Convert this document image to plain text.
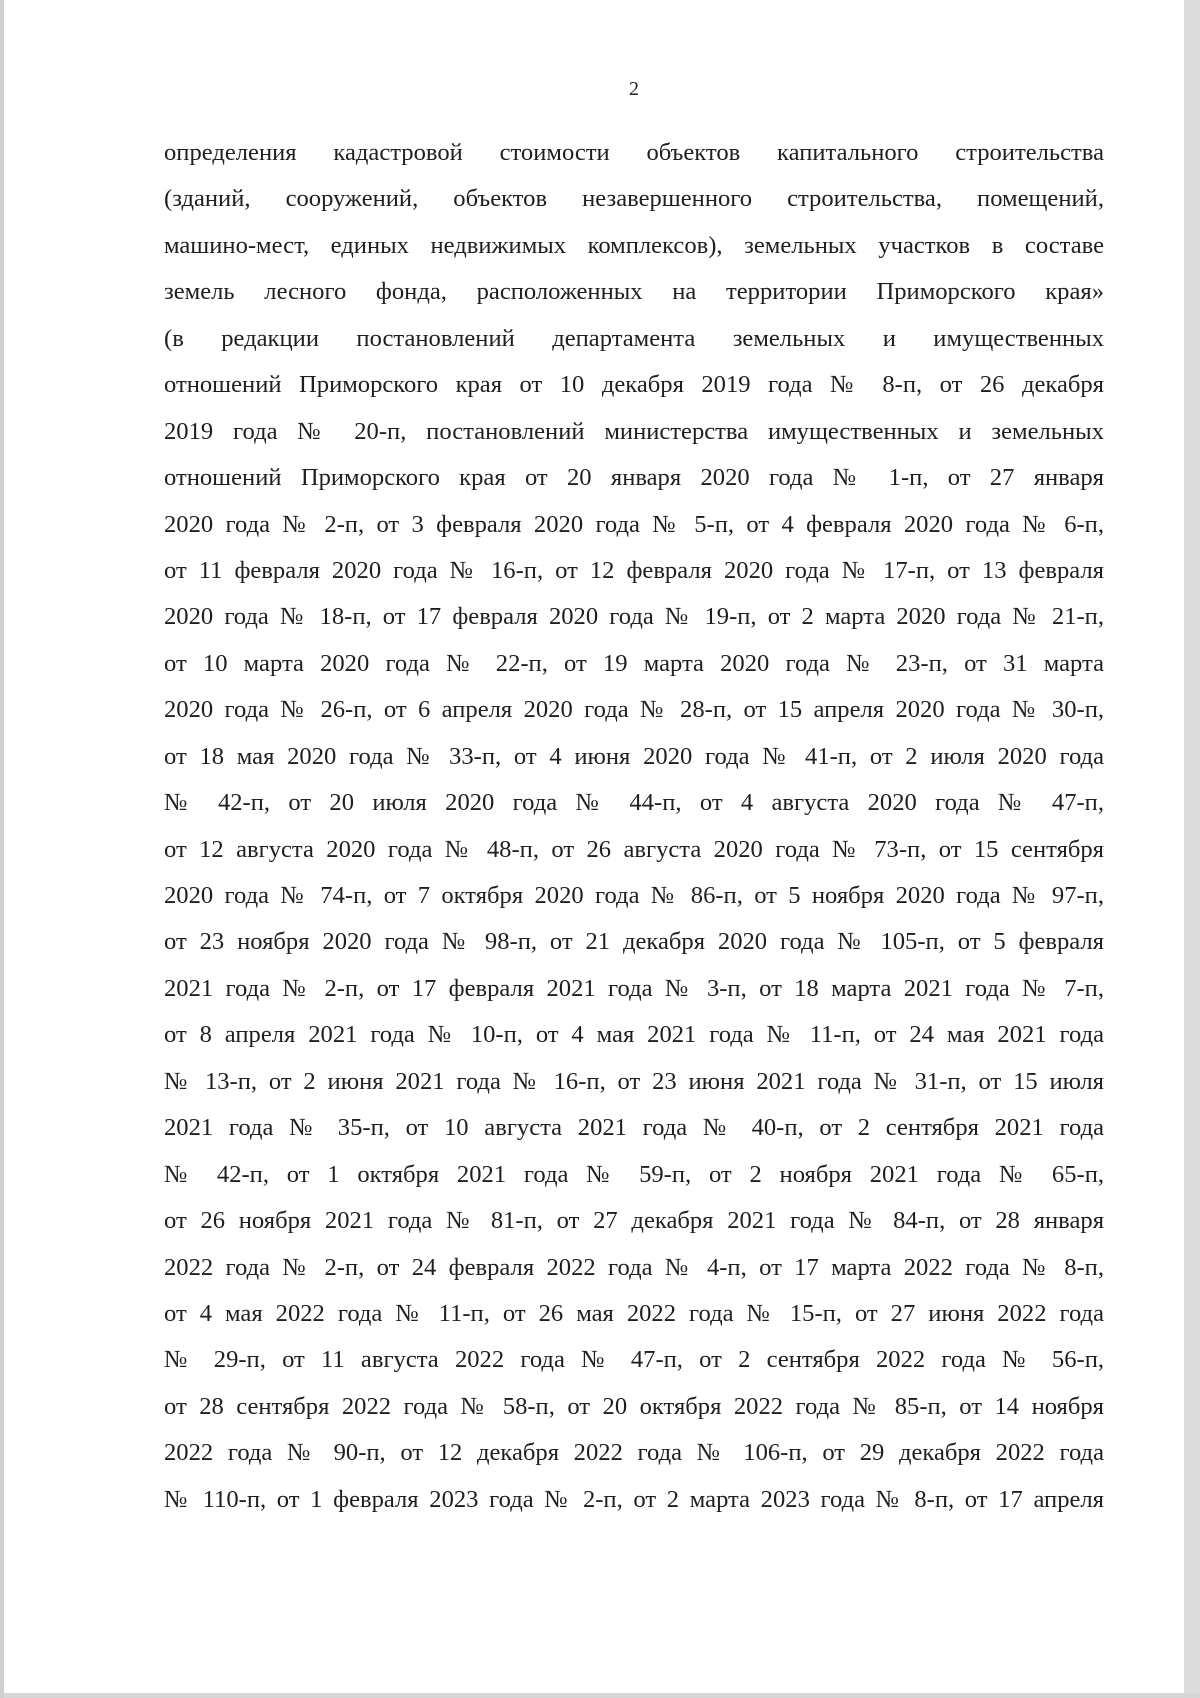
2
определения кадастровой стоимости объектов капитального строительства
(зданий, сооружений, объектов незавершенного строительства, помещений,
машино-мест, единых недвижимых комплексов), земельных участков в составе
земель лесного фонда, расположенных на территории Приморского края»
(в редакции постановлений департамента земельных и имущественных
отношений Приморского края от 10 декабря 2019 года № 8-п, от 26 декабря
2019 года № 20-п, постановлений министерства имущественных и земельных
отношений Приморского края от 20 января 2020 года № 1-п, от 27 января
2020 года № 2-п, от 3 февраля 2020 года № 5-п, от 4 февраля 2020 года № 6-п,
от 11 февраля 2020 года № 16-п, от 12 февраля 2020 года № 17-п, от 13 февраля
2020 года № 18-п, от 17 февраля 2020 года № 19-п, от 2 марта 2020 года № 21-п,
от 10 марта 2020 года № 22-п, от 19 марта 2020 года № 23-п, от 31 марта
2020 года № 26-п, от 6 апреля 2020 года № 28-п, от 15 апреля 2020 года № 30-п,
от 18 мая 2020 года № 33-п, от 4 июня 2020 года № 41-п, от 2 июля 2020 года
№ 42-п, от 20 июля 2020 года № 44-п, от 4 августа 2020 года № 47-п,
от 12 августа 2020 года № 48-п, от 26 августа 2020 года № 73-п, от 15 сентября
2020 года № 74-п, от 7 октября 2020 года № 86-п, от 5 ноября 2020 года № 97-п,
от 23 ноября 2020 года № 98-п, от 21 декабря 2020 года № 105-п, от 5 февраля
2021 года № 2-п, от 17 февраля 2021 года № 3-п, от 18 марта 2021 года № 7-п,
от 8 апреля 2021 года № 10-п, от 4 мая 2021 года № 11-п, от 24 мая 2021 года
№ 13-п, от 2 июня 2021 года № 16-п, от 23 июня 2021 года № 31-п, от 15 июля
2021 года № 35-п, от 10 августа 2021 года № 40-п, от 2 сентября 2021 года
№ 42-п, от 1 октября 2021 года № 59-п, от 2 ноября 2021 года № 65-п,
от 26 ноября 2021 года № 81-п, от 27 декабря 2021 года № 84-п, от 28 января
2022 года № 2-п, от 24 февраля 2022 года № 4-п, от 17 марта 2022 года № 8-п,
от 4 мая 2022 года № 11-п, от 26 мая 2022 года № 15-п, от 27 июня 2022 года
№ 29-п, от 11 августа 2022 года № 47-п, от 2 сентября 2022 года № 56-п,
от 28 сентября 2022 года № 58-п, от 20 октября 2022 года № 85-п, от 14 ноября
2022 года № 90-п, от 12 декабря 2022 года № 106-п, от 29 декабря 2022 года
№ 110-п, от 1 февраля 2023 года № 2-п, от 2 марта 2023 года № 8-п, от 17 апреля
